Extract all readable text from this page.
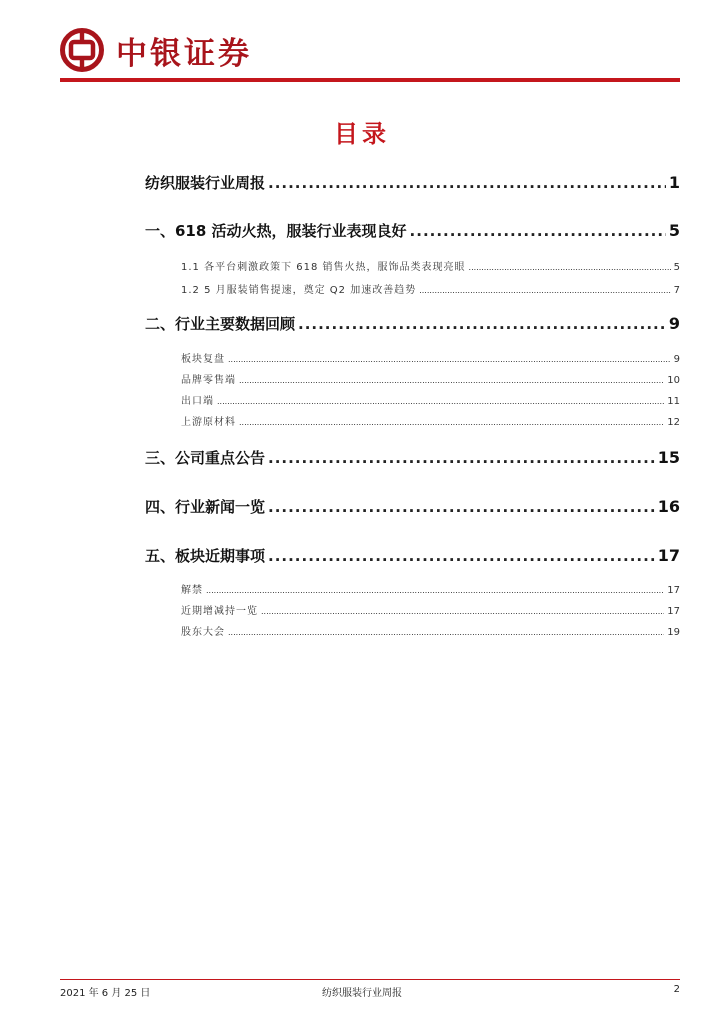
中银证券
目录
纺织服装行业周报 .....	1
一、618 活动火热，服装行业表现良好 .....	5
1.1 各平台刺激政策下 618 销售火热，服饰品类表现亮眼 .....	5
1.2 5 月服装销售提速，奠定 Q2 加速改善趋势 .....	7
二、行业主要数据回顾 .....	9
板块复盘 .....	9
品牌零售端 .....	10
出口端 .....	11
上游原材料 .....	12
三、公司重点公告 .....	15
四、行业新闻一览 .....	16
五、板块近期事项 .....	17
解禁 .....	17
近期增减持一览 .....	17
股东大会 .....	19
2021 年 6 月 25 日	纺织服装行业周报	2
